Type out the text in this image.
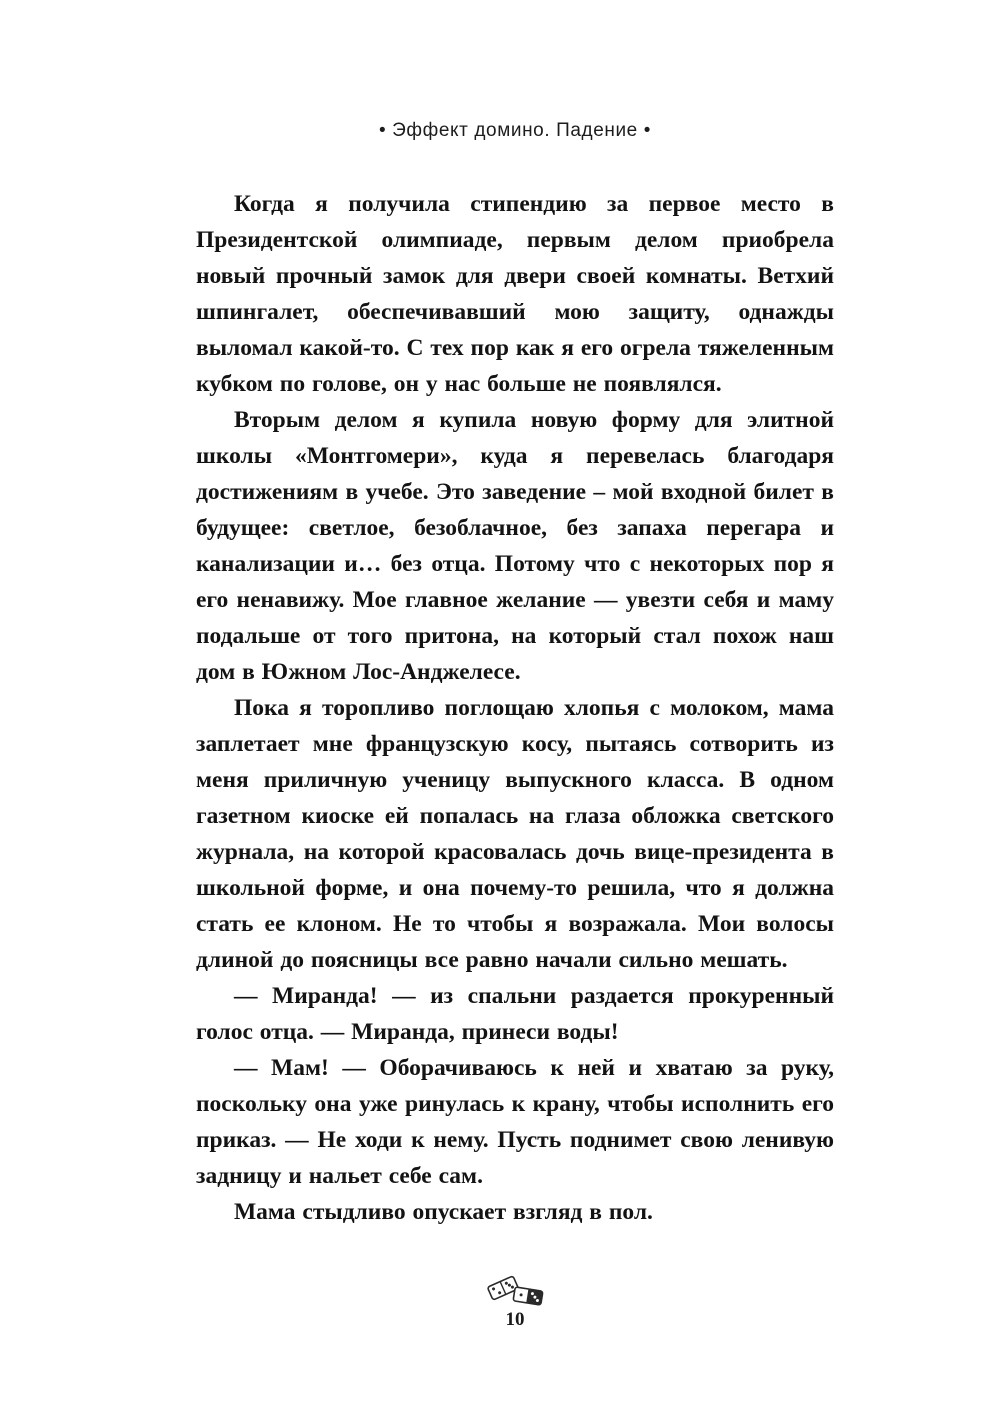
• Эффект домино. Падение •

Когда я получила стипендию за первое место в Президентской олимпиаде, первым делом приобрела новый прочный замок для двери своей комнаты. Ветхий шпингалет, обеспечивавший мою защиту, однажды выломал какой-то. С тех пор как я его огрела тяжеленным кубком по голове, он у нас больше не появлялся.

Вторым делом я купила новую форму для элитной школы «Монтгомери», куда я перевелась благодаря достижениям в учебе. Это заведение – мой входной билет в будущее: светлое, безоблачное, без запаха перегара и канализации и… без отца. Потому что с некоторых пор я его ненавижу. Мое главное желание — увезти себя и маму подальше от того притона, на который стал похож наш дом в Южном Лос-Анджелесе.

Пока я торопливо поглощаю хлопья с молоком, мама заплетает мне французскую косу, пытаясь сотворить из меня приличную ученицу выпускного класса. В одном газетном киоске ей попалась на глаза обложка светского журнала, на которой красовалась дочь вице-президента в школьной форме, и она почему-то решила, что я должна стать ее клоном. Не то чтобы я возражала. Мои волосы длиной до поясницы все равно начали сильно мешать.

— Миранда! — из спальни раздается прокуренный голос отца. — Миранда, принеси воды!

— Мам! — Оборачиваюсь к ней и хватаю за руку, поскольку она уже ринулась к крану, чтобы исполнить его приказ. — Не ходи к нему. Пусть поднимет свою ленивую задницу и нальет себе сам.

Мама стыдливо опускает взгляд в пол.

10
